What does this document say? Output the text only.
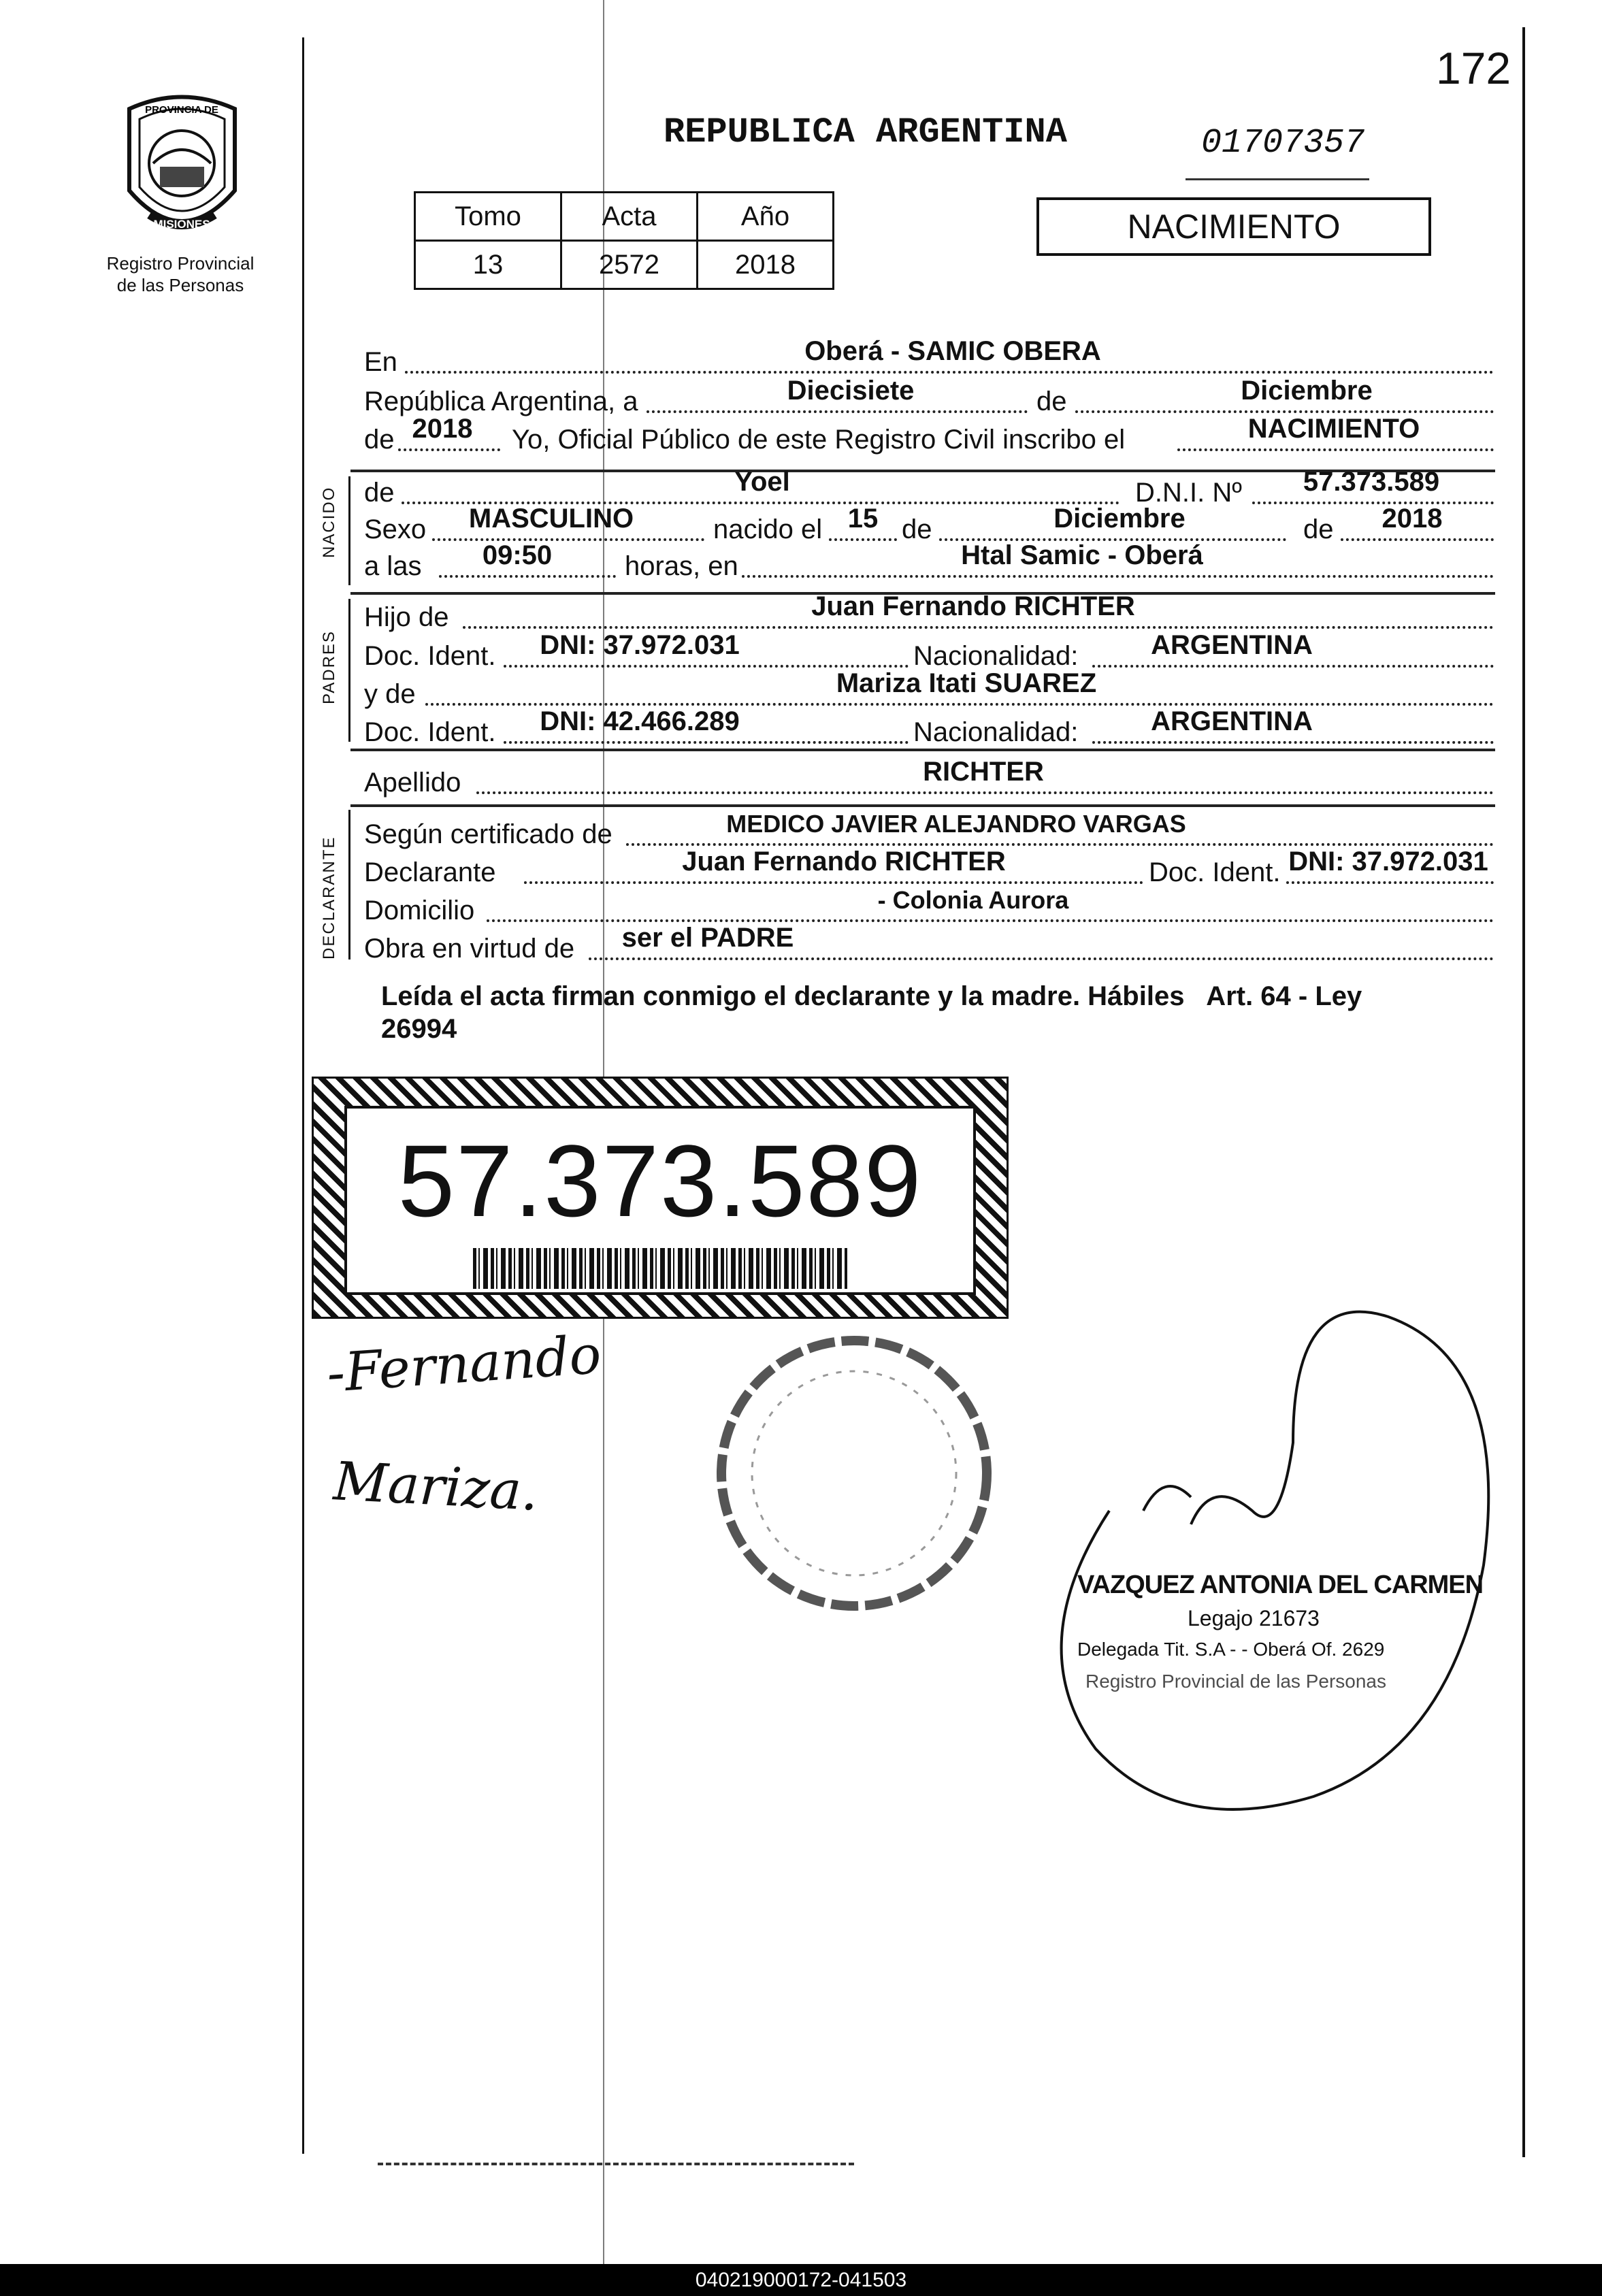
172
PROVINCIA DE
MISIONES
Registro Provincial
de las Personas
REPUBLICA ARGENTINA	01707357
NACIMIENTO
Tomo	Acta	Año
13	2572	2018
En	Oberá - SAMIC OBERA
República Argentina, a	Diecisiete	de	Diciembre
de 2018	Yo, Oficial Público de este Registro Civil inscribo el	NACIMIENTO
NACIDO de	Yoel	D.N.I. Nº	57.373.589
Sexo	MASCULINO	nacido el 15 de	Diciembre	de	2018
a las	09:50	horas, en	Htal Samic - Oberá
PADRES
Hijo de	Juan Fernando RICHTER
Doc. Ident.	DNI: 37.972.031	Nacionalidad:	ARGENTINA
y de	Mariza Itati SUAREZ
Doc. Ident.	DNI: 42.466.289	Nacionalidad:	ARGENTINA
Apellido	RICHTER
DECLARANTE
Según certificado de	MEDICO JAVIER ALEJANDRO VARGAS
Declarante	Juan Fernando RICHTER	Doc. Ident. DNI: 37.972.031
Domicilio	- Colonia Aurora
Obra en virtud de	ser el PADRE
Leída el acta firman conmigo el declarante y la madre. Hábiles   Art. 64 - Ley
26994
57.373.589
-Fernando
Mariza.
VAZQUEZ ANTONIA DEL CARMEN
Legajo 21673
Delegada Tit. S.A - - Oberá Of. 2629
Registro Provincial de las Personas
040219000172-041503
